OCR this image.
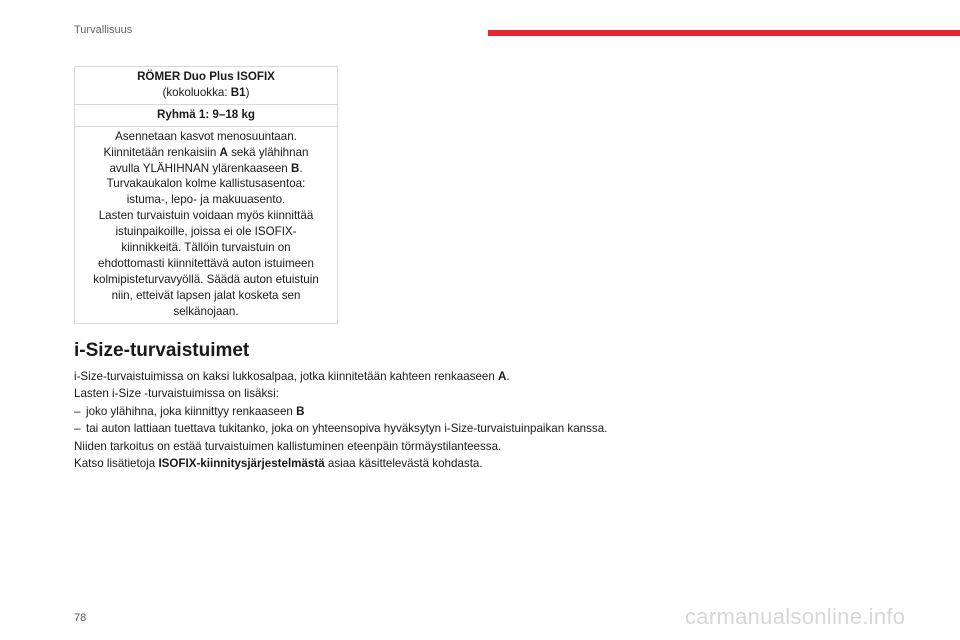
Turvallisuus
RÖMER Duo Plus ISOFIX
(kokoluokka: B1)
Ryhmä 1: 9–18 kg

Asennetaan kasvot menosuuntaan.
Kiinnitetään renkaisiin A sekä ylähihnan
avulla YLÄHIHNAN ylärenkaaseen B.
Turvakaukalon kolme kallistusasentoa:
istuma-, lepo- ja makuuasento.
Lasten turvaistuin voidaan myös kiinnittää
istuinpaikoille, joissa ei ole ISOFIX-
kiinnikkeitä. Tällöin turvaistuin on
ehdottomasti kiinnitettävä auton istuimeen
kolmipisteturvavyöllä. Säädä auton etuistuin
niin, etteivät lapsen jalat kosketa sen
selkänojaan.
i-Size-turvaistuimet

i-Size-turvaistuimissa on kaksi lukkosalpaa, jotka kiinnitetään kahteen renkaaseen A.

Lasten i-Size -turvaistuimissa on lisäksi:

– joko ylähihna, joka kiinnittyy renkaaseen B

– tai auton lattiaan tuettava tukitanko, joka on yhteensopiva hyväksytyn i-Size-turvaistuinpaikan kanssa.

Niiden tarkoitus on estää turvaistuimen kallistuminen eteenpäin törmäystilanteessa.

Katso lisätietoja ISOFIX-kiinnitysjärjestelmästä asiaa käsittelevästä kohdasta.

78	carmanualsonline.info
